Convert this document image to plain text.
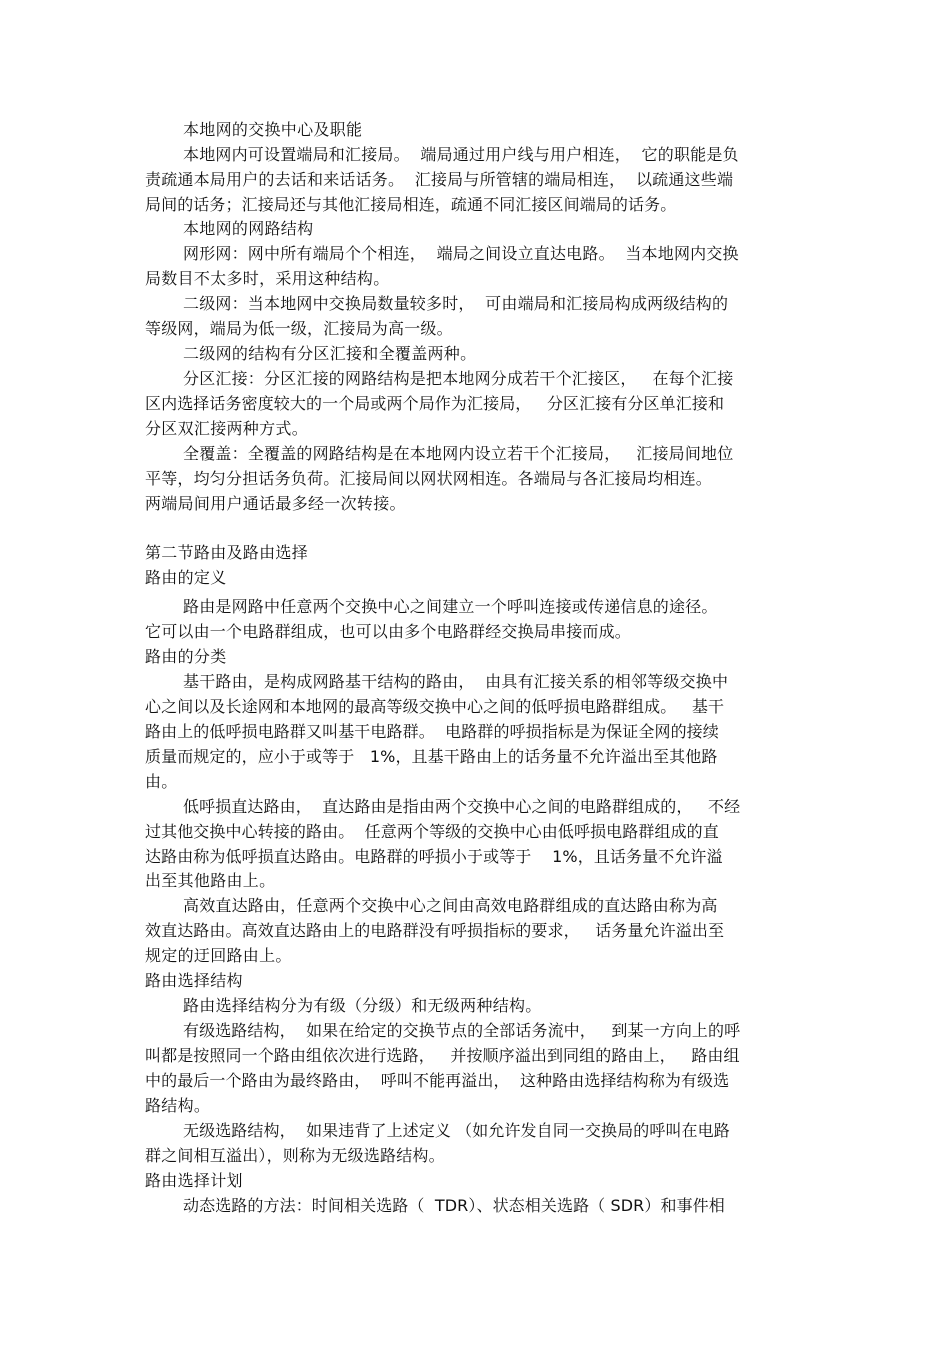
本地网的交换中心及职能
本地网内可设置端局和汇接局。  端局通过用户线与用户相连，  它的职能是负
责疏通本局用户的去话和来话话务。  汇接局与所管辖的端局相连，  以疏通这些端
局间的话务；汇接局还与其他汇接局相连，疏通不同汇接区间端局的话务。
本地网的网路结构
网形网：网中所有端局个个相连，  端局之间设立直达电路。  当本地网内交换
局数目不太多时，采用这种结构。
二级网：当本地网中交换局数量较多时，  可由端局和汇接局构成两级结构的
等级网，端局为低一级，汇接局为高一级。
二级网的结构有分区汇接和全覆盖两种。
分区汇接：分区汇接的网路结构是把本地网分成若干个汇接区，   在每个汇接
区内选择话务密度较大的一个局或两个局作为汇接局，   分区汇接有分区单汇接和
分区双汇接两种方式。
全覆盖：全覆盖的网路结构是在本地网内设立若干个汇接局，   汇接局间地位
平等，均匀分担话务负荷。汇接局间以网状网相连。各端局与各汇接局均相连。
两端局间用户通话最多经一次转接。
第二节路由及路由选择
路由的定义
路由是网路中任意两个交换中心之间建立一个呼叫连接或传递信息的途径。
它可以由一个电路群组成，也可以由多个电路群经交换局串接而成。
路由的分类
基干路由，是构成网路基干结构的路由，  由具有汇接关系的相邻等级交换中
心之间以及长途网和本地网的最高等级交换中心之间的低呼损电路群组成。   基干
路由上的低呼损电路群又叫基干电路群。  电路群的呼损指标是为保证全网的接续
质量而规定的，应小于或等于   1%，且基干路由上的话务量不允许溢出至其他路
由。
低呼损直达路由，  直达路由是指由两个交换中心之间的电路群组成的，   不经
过其他交换中心转接的路由。  任意两个等级的交换中心由低呼损电路群组成的直
达路由称为低呼损直达路由。电路群的呼损小于或等于    1%，且话务量不允许溢
出至其他路由上。
高效直达路由，任意两个交换中心之间由高效电路群组成的直达路由称为高
效直达路由。高效直达路由上的电路群没有呼损指标的要求，   话务量允许溢出至
规定的迂回路由上。
路由选择结构
路由选择结构分为有级（分级）和无级两种结构。
有级选路结构，  如果在给定的交换节点的全部话务流中，   到某一方向上的呼
叫都是按照同一个路由组依次进行选路，   并按顺序溢出到同组的路由上，   路由组
中的最后一个路由为最终路由，  呼叫不能再溢出，  这种路由选择结构称为有级选
路结构。
无级选路结构，  如果违背了上述定义 （如允许发自同一交换局的呼叫在电路
群之间相互溢出），则称为无级选路结构。
路由选择计划
动态选路的方法：时间相关选路（  TDR）、状态相关选路（ SDR）和事件相
